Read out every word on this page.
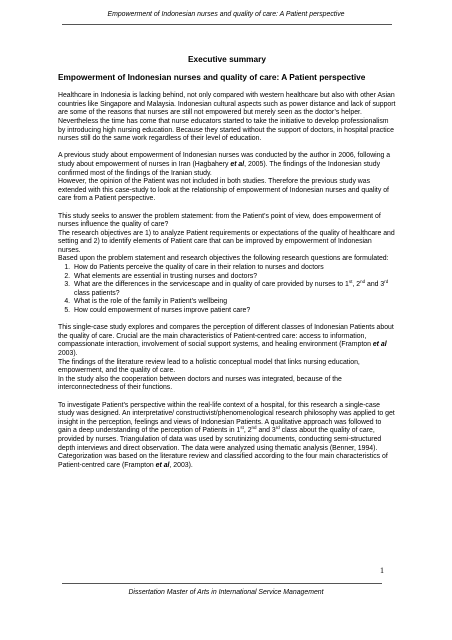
Empowerment of Indonesian nurses and quality of care: A Patient perspective
Executive summary
Empowerment of Indonesian nurses and quality of care: A Patient perspective

Healthcare in Indonesia is lacking behind, not only compared with western healthcare but also with other Asian countries like Singapore and Malaysia. Indonesian cultural aspects such as power distance and lack of support are some of the reasons that nurses are still not empowered but merely seen as the doctor’s helper.

Nevertheless the time has come that nurse educators started to take the initiative to develop professionalism by introducing high nursing education. Because they started without the support of doctors, in hospital practice nurses still do the same work regardless of their level of education.

A previous study about empowerment of Indonesian nurses was conducted by the author in 2006, following a study about empowerment of nurses in Iran (Hagbahery et al, 2005). The findings of the Indonesian study confirmed most of the findings of the Iranian study.

However, the opinion of the Patient was not included in both studies. Therefore the previous study was extended with this case-study to look at the relationship of empowerment of Indonesian nurses and quality of care from a Patient perspective.

This study seeks to answer the problem statement: from the Patient’s point of view, does empowerment of nurses influence the quality of care?

The research objectives are 1) to analyze Patient requirements or expectations of the quality of healthcare and setting and 2) to identify elements of Patient care that can be improved by empowerment of Indonesian nurses.

Based upon the problem statement and research objectives the following research questions are formulated:

1. How do Patients perceive the quality of care in their relation to nurses and doctors
2. What elements are essential in trusting nurses and doctors?
3. What are the differences in the servicescape and in quality of care provided by nurses to 1st, 2nd and 3rd class patients?
4. What is the role of the family in Patient’s wellbeing
5. How could empowerment of nurses improve patient care?

This single-case study explores and compares the perception of different classes of Indonesian Patients about the quality of care. Crucial are the main characteristics of Patient-centred care: access to information, compassionate interaction, involvement of social support systems, and healing environment (Frampton et al 2003).

The findings of the literature review lead to a holistic conceptual model that links nursing education, empowerment, and the quality of care.

In the study also the cooperation between doctors and nurses was integrated, because of the interconnectedness of their functions.

To investigate Patient’s perspective within the real-life context of a hospital, for this research a single-case study was designed. An interpretative/ constructivist/phenomenological research philosophy was applied to get insight in the perception, feelings and views of Indonesian Patients. A qualitative approach was followed to gain a deep understanding of the perception of Patients in 1st, 2nd and 3rd class about the quality of care, provided by nurses. Triangulation of data was used by scrutinizing documents, conducting semi-structured depth interviews and direct observation. The data were analyzed using thematic analysis (Benner, 1994). Categorization was based on the literature review and classified according to the four main characteristics of Patient-centred care (Frampton et al, 2003).

1
Dissertation Master of Arts in International Service Management
